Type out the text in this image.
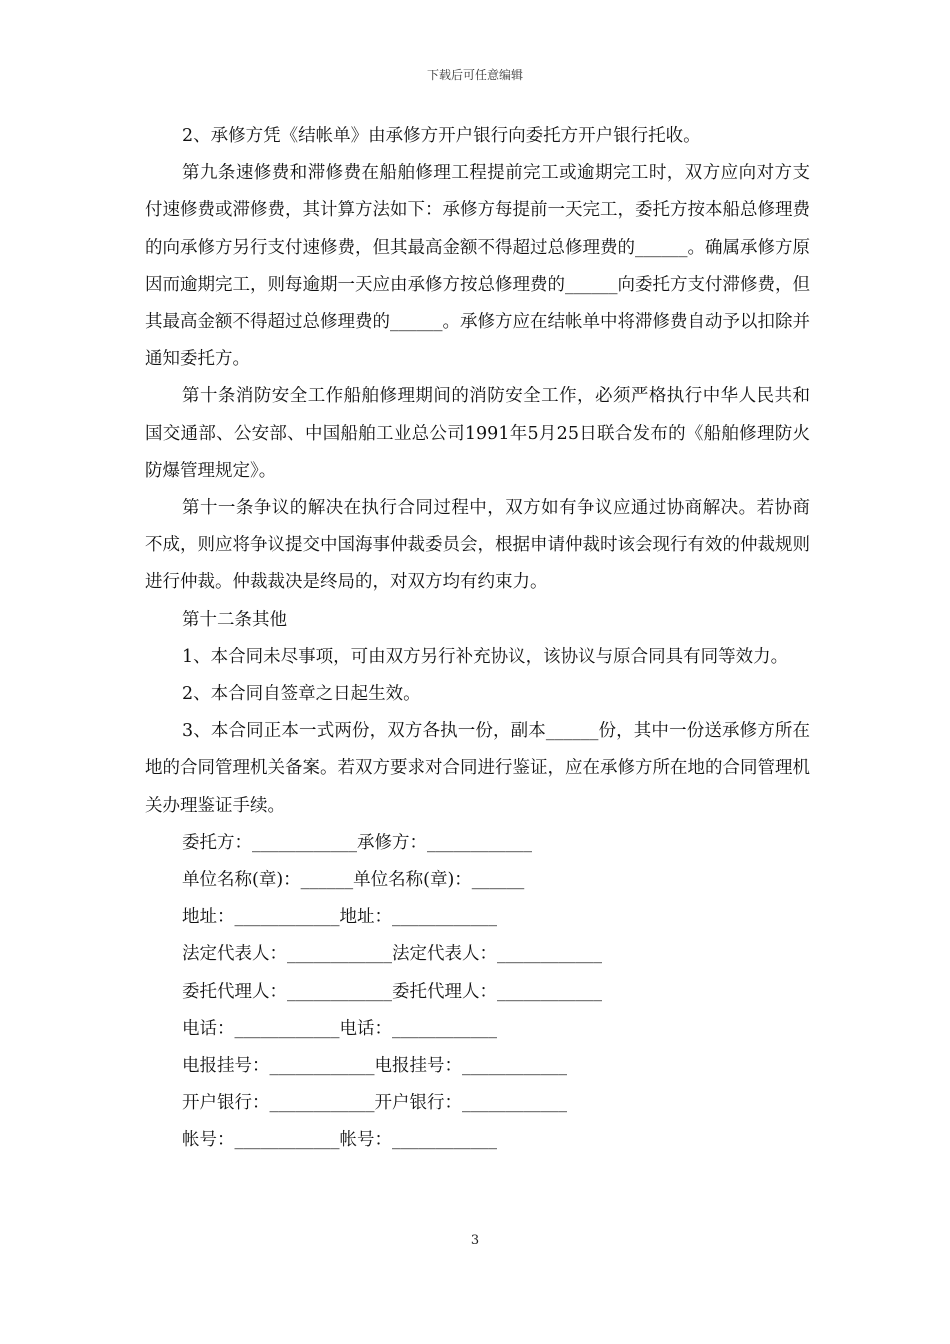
下载后可任意编辑

2、承修方凭《结帐单》由承修方开户银行向委托方开户银行托收。

第九条速修费和滞修费在船舶修理工程提前完工或逾期完工时，双方应向对方支付速修费或滞修费，其计算方法如下：承修方每提前一天完工，委托方按本船总修理费的向承修方另行支付速修费，但其最高金额不得超过总修理费的______。确属承修方原因而逾期完工，则每逾期一天应由承修方按总修理费的______向委托方支付滞修费，但其最高金额不得超过总修理费的______。承修方应在结帐单中将滞修费自动予以扣除并通知委托方。

第十条消防安全工作船舶修理期间的消防安全工作，必须严格执行中华人民共和国交通部、公安部、中国船舶工业总公司1991年5月25日联合发布的《船舶修理防火防爆管理规定》。

第十一条争议的解决在执行合同过程中，双方如有争议应通过协商解决。若协商不成，则应将争议提交中国海事仲裁委员会，根据申请仲裁时该会现行有效的仲裁规则进行仲裁。仲裁裁决是终局的，对双方均有约束力。

第十二条其他

1、本合同未尽事项，可由双方另行补充协议，该协议与原合同具有同等效力。

2、本合同自签章之日起生效。

3、本合同正本一式两份，双方各执一份，副本______份，其中一份送承修方所在地的合同管理机关备案。若双方要求对合同进行鉴证，应在承修方所在地的合同管理机关办理鉴证手续。

委托方：____________承修方：____________

单位名称(章)：______单位名称(章)：______

地址：____________地址：____________

法定代表人：____________法定代表人：____________

委托代理人：____________委托代理人：____________

电话：____________电话：____________

电报挂号：____________电报挂号：____________

开户银行：____________开户银行：____________

帐号：____________帐号：____________

3
